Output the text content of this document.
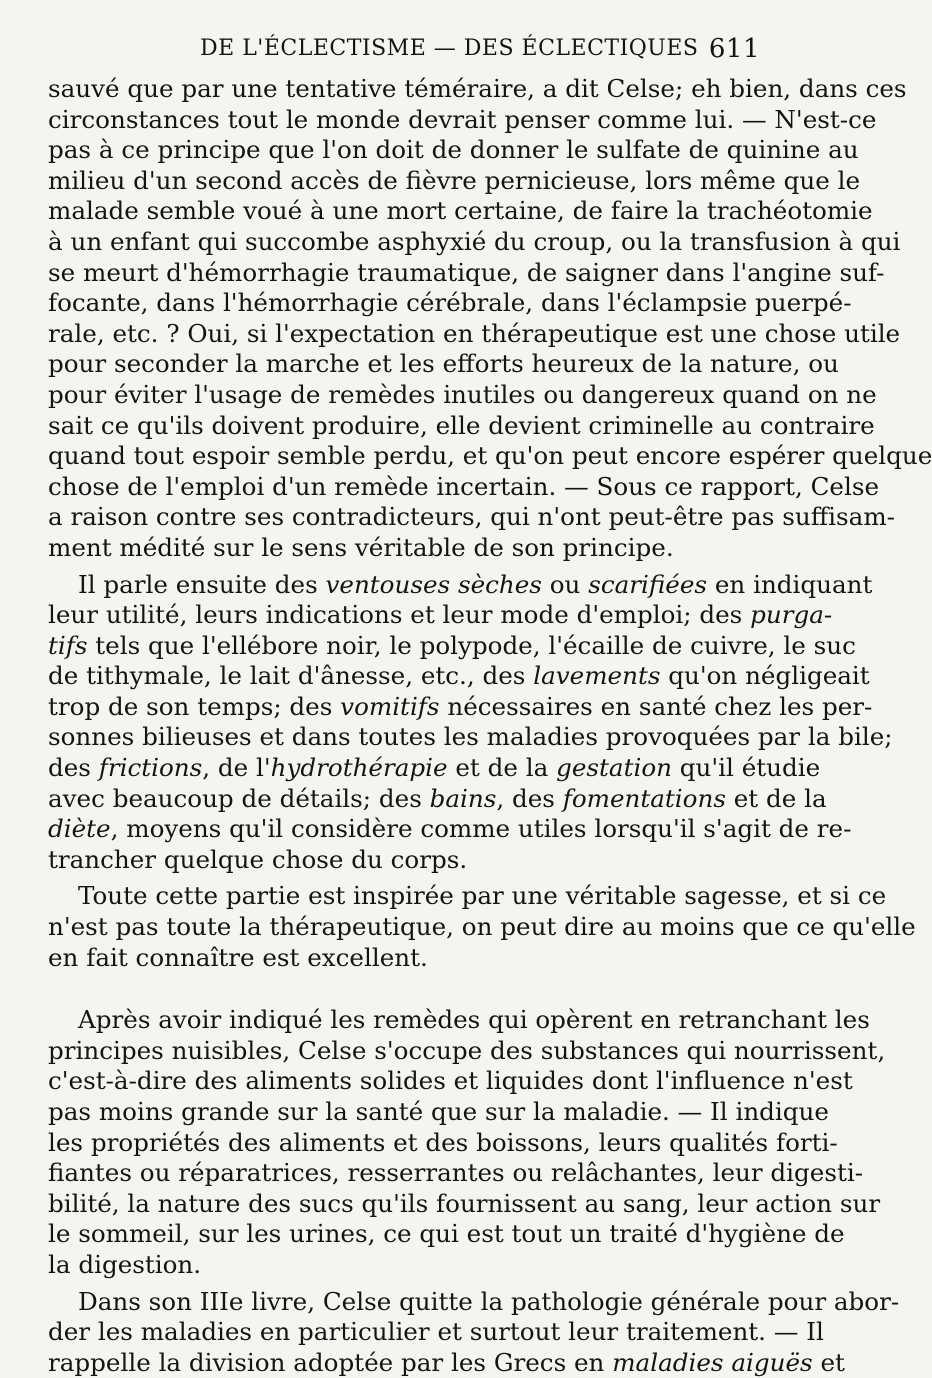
DE L'ÉCLECTISME — DES ÉCLECTIQUES 611
sauvé que par une tentative téméraire, a dit Celse; eh bien, dans ces
circonstances tout le monde devrait penser comme lui. — N'est-ce
pas à ce principe que l'on doit de donner le sulfate de quinine au
milieu d'un second accès de fièvre pernicieuse, lors même que le
malade semble voué à une mort certaine, de faire la trachéotomie
à un enfant qui succombe asphyxié du croup, ou la transfusion à qui
se meurt d'hémorrhagie traumatique, de saigner dans l'angine suf-
focante, dans l'hémorrhagie cérébrale, dans l'éclampsie puerpé-
rale, etc. ? Oui, si l'expectation en thérapeutique est une chose utile
pour seconder la marche et les efforts heureux de la nature, ou
pour éviter l'usage de remèdes inutiles ou dangereux quand on ne
sait ce qu'ils doivent produire, elle devient criminelle au contraire
quand tout espoir semble perdu, et qu'on peut encore espérer quelque
chose de l'emploi d'un remède incertain. — Sous ce rapport, Celse
a raison contre ses contradicteurs, qui n'ont peut-être pas suffisam-
ment médité sur le sens véritable de son principe.
Il parle ensuite des ventouses sèches ou scarifiées en indiquant
leur utilité, leurs indications et leur mode d'emploi; des purga-
tifs tels que l'ellébore noir, le polypode, l'écaille de cuivre, le suc
de tithymale, le lait d'ânesse, etc., des lavements qu'on négligeait
trop de son temps; des vomitifs nécessaires en santé chez les per-
sonnes bilieuses et dans toutes les maladies provoquées par la bile;
des frictions, de l'hydrothérapie et de la gestation qu'il étudie
avec beaucoup de détails; des bains, des fomentations et de la
diète, moyens qu'il considère comme utiles lorsqu'il s'agit de re-
trancher quelque chose du corps.
Toute cette partie est inspirée par une véritable sagesse, et si ce
n'est pas toute la thérapeutique, on peut dire au moins que ce qu'elle
en fait connaître est excellent.
Après avoir indiqué les remèdes qui opèrent en retranchant les
principes nuisibles, Celse s'occupe des substances qui nourrissent,
c'est-à-dire des aliments solides et liquides dont l'influence n'est
pas moins grande sur la santé que sur la maladie. — Il indique
les propriétés des aliments et des boissons, leurs qualités forti-
fiantes ou réparatrices, resserrantes ou relâchantes, leur digesti-
bilité, la nature des sucs qu'ils fournissent au sang, leur action sur
le sommeil, sur les urines, ce qui est tout un traité d'hygiène de
la digestion.
Dans son IIIe livre, Celse quitte la pathologie générale pour abor-
der les maladies en particulier et surtout leur traitement. — Il
rappelle la division adoptée par les Grecs en maladies aiguës et
